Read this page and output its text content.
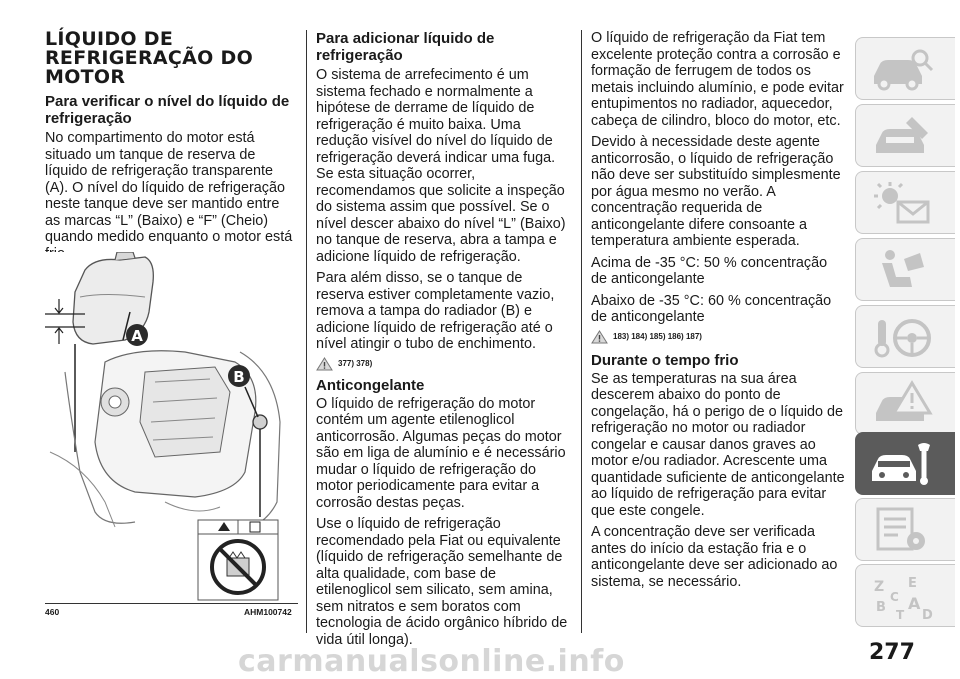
LÍQUIDO DE
REFRIGERAÇÃO DO
MOTOR
Para verificar o nível do líquido de refrigeração

No compartimento do motor está situado um tanque de reserva de líquido de refrigeração transparente (A). O nível do líquido de refrigeração neste tanque deve ser mantido entre as marcas “L” (Baixo) e “F” (Cheio) quando medido enquanto o motor está

A
B
460	AHM100742
Para adicionar líquido de refrigeração

O sistema de arrefecimento é um sistema fechado e normalmente a hipótese de derrame de líquido de refrigeração é muito baixa. Uma redução visível do nível do líquido de refrigeração deverá indicar uma fuga. Se esta situação ocorrer, recomendamos que solicite a inspeção do sistema assim que possível. Se o nível descer abaixo do nível “L” (Baixo) no tanque de reserva, abra a tampa e adicione líquido de refrigeração.

Para além disso, se o tanque de reserva estiver completamente vazio, remova a tampa do radiador (B) e adicione líquido de refrigeração até o nível atingir o tubo de enchimento.

377) 378)
Anticongelante

O líquido de refrigeração do motor contém um agente etilenoglicol anticorrosão. Algumas peças do motor são em liga de alumínio e é necessário mudar o líquido de refrigeração do motor periodicamente para evitar a corrosão destas peças.

Use o líquido de refrigeração recomendado pela Fiat ou equivalente (líquido de refrigeração semelhante de alta qualidade, com base de etilenoglicol sem silicato, sem amina, sem nitratos e sem boratos com tecnologia de ácido orgânico híbrido de vida útil longa).

O líquido de refrigeração da Fiat tem excelente proteção contra a corrosão e formação de ferrugem de todos os metais incluindo alumínio, e pode evitar entupimentos no radiador, aquecedor, cabeça de cilindro, bloco do motor, etc.

Devido à necessidade deste agente anticorrosão, o líquido de refrigeração não deve ser substituído simplesmente por água mesmo no verão. A concentração requerida de anticongelante difere consoante a temperatura ambiente esperada.

Acima de -35 °C: 50 % concentração de anticongelante

Abaixo de -35 °C: 60 % concentração de anticongelante

183) 184) 185) 186) 187)
Durante o tempo frio

Se as temperaturas na sua área descerem abaixo do ponto de congelação, há o perigo de o líquido de refrigeração no motor ou radiador congelar e causar danos graves ao motor e/ou radiador. Acrescente uma quantidade suficiente de anticongelante ao líquido de refrigeração para evitar que este congele.

A concentração deve ser verificada antes do início da estação fria e o anticongelante deve ser adicionado ao sistema, se necessário.	Z E
C
B A
T D
carmanualsonline.info	277
